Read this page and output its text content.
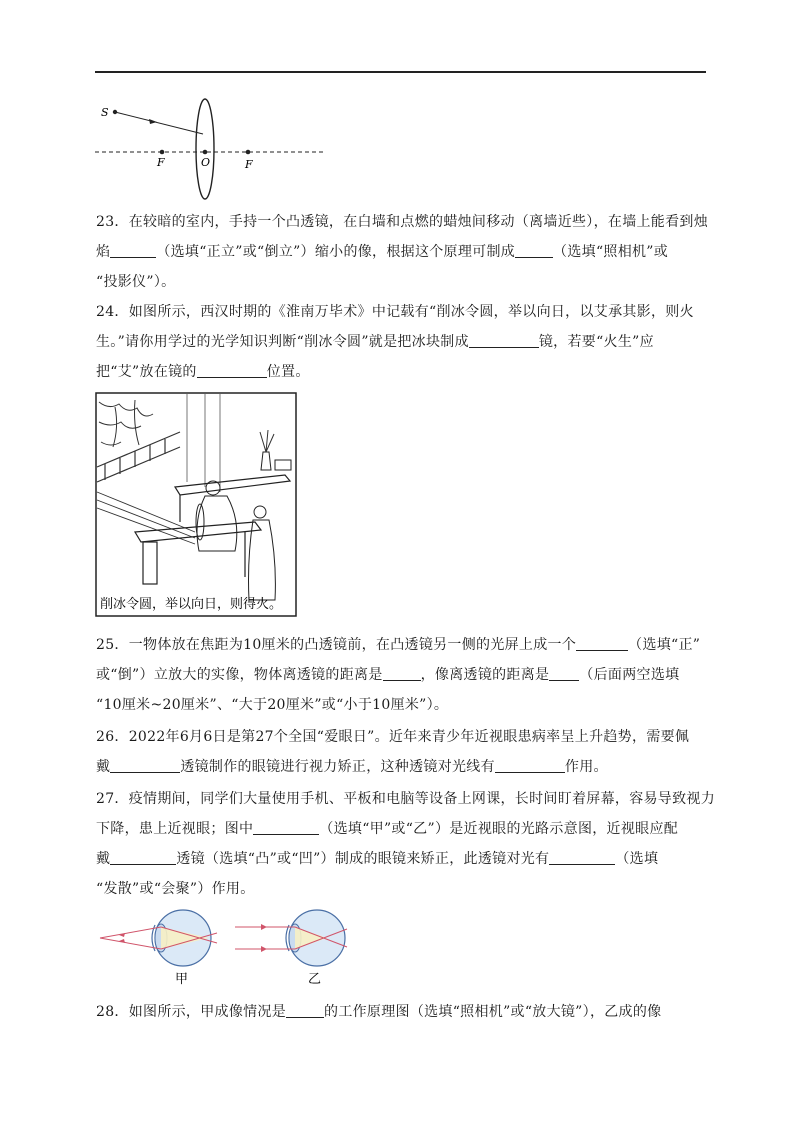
S
F	O	F

23．在较暗的室内，手持一个凸透镜，在白墙和点燃的蜡烛间移动（离墙近些），在墙上能看到烛

焰	（选填“正立”或“倒立”）缩小的像，根据这个原理可制成	（选填“照相机”或

“投影仪”）。

24．如图所示，西汉时期的《淮南万毕术》中记载有“削冰令圆，举以向日，以艾承其影，则火

生。”请你用学过的光学知识判断“削冰令圆”就是把冰块制成	镜，若要“火生”应

把“艾”放在镜的	位置。

削冰令圆，举以向日，则得火。

25．一物体放在焦距为10厘米的凸透镜前，在凸透镜另一侧的光屏上成一个	（选填“正”

或“倒”）立放大的实像，物体离透镜的距离是	，像离透镜的距离是 （后面两空选填

“10厘米~20厘米”、“大于20厘米”或“小于10厘米”）。

26．2022年6月6日是第27个全国“爱眼日”。近年来青少年近视眼患病率呈上升趋势，需要佩

戴	透镜制作的眼镜进行视力矫正，这种透镜对光线有	作用。

27．疫情期间，同学们大量使用手机、平板和电脑等设备上网课，长时间盯着屏幕，容易导致视力

下降，患上近视眼；图中	（选填“甲”或“乙”）是近视眼的光路示意图，近视眼应配

戴	透镜（选填“凸”或“凹”）制成的眼镜来矫正，此透镜对光有	（选填

“发散”或“会聚”）作用。

甲	乙

28．如图所示，甲成像情况是	的工作原理图（选填“照相机”或“放大镜”），乙成的像
